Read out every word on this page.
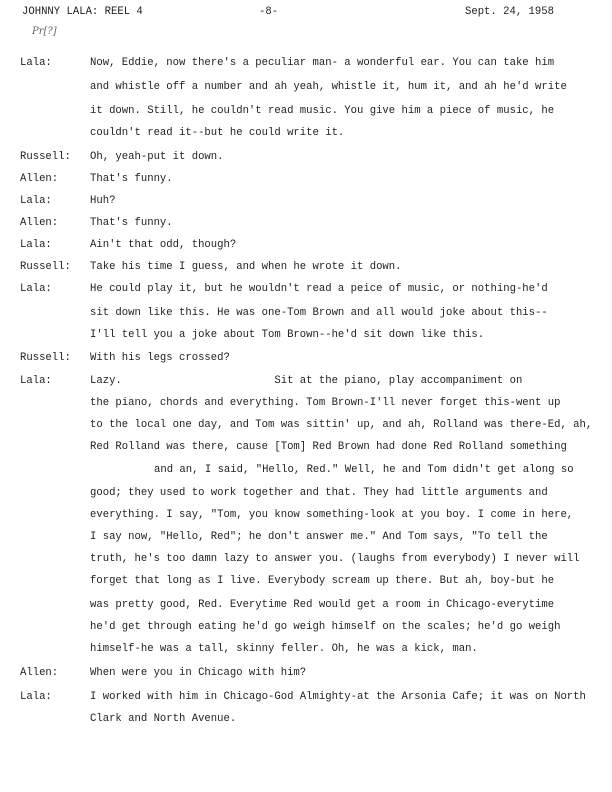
JOHNNY LALA: REEL 4	-8-	Sept. 24, 1958
Pr[?]
Lala:	Now, Eddie, now there's a peculiar man- a wonderful ear. You can take him
and whistle off a number and ah yeah, whistle it, hum it, and ah he'd write
it down. Still, he couldn't read music. You give him a piece of music, he
couldn't read it--but he could write it.
Russell: Oh, yeah-put it down.
Allen:	That's funny.
Lala:	Huh?
Allen:	That's funny.
Lala:	Ain't that odd, though?
Russell: Take his time I guess, and when he wrote it down.
Lala:	He could play it, but he wouldn't read a peice of music, or nothing-he'd
sit down like this. He was one-Tom Brown and all would joke about this--
I'll tell you a joke about Tom Brown--he'd sit down like this.
Russell: With his legs crossed?
Lala:	Lazy.                        Sit at the piano, play accompaniment on
the piano, chords and everything. Tom Brown-I'll never forget this-went up
to the local one day, and Tom was sittin' up, and ah, Rolland was there-Ed, ah,
Red Rolland was there, cause [Tom] Red Brown had done Red Rolland something
and an, I said, "Hello, Red." Well, he and Tom didn't get along so
good; they used to work together and that. They had little arguments and
everything. I say, "Tom, you know something-look at you boy. I come in here,
I say now, "Hello, Red"; he don't answer me." And Tom says, "To tell the
truth, he's too damn lazy to answer you. (laughs from everybody) I never will
forget that long as I live. Everybody scream up there. But ah, boy-but he
was pretty good, Red. Everytime Red would get a room in Chicago-everytime
he'd get through eating he'd go weigh himself on the scales; he'd go weigh
himself-he was a tall, skinny feller. Oh, he was a kick, man.
Allen:	When were you in Chicago with him?
Lala:	I worked with him in Chicago-God Almighty-at the Arsonia Cafe; it was on North
Clark and North Avenue.
